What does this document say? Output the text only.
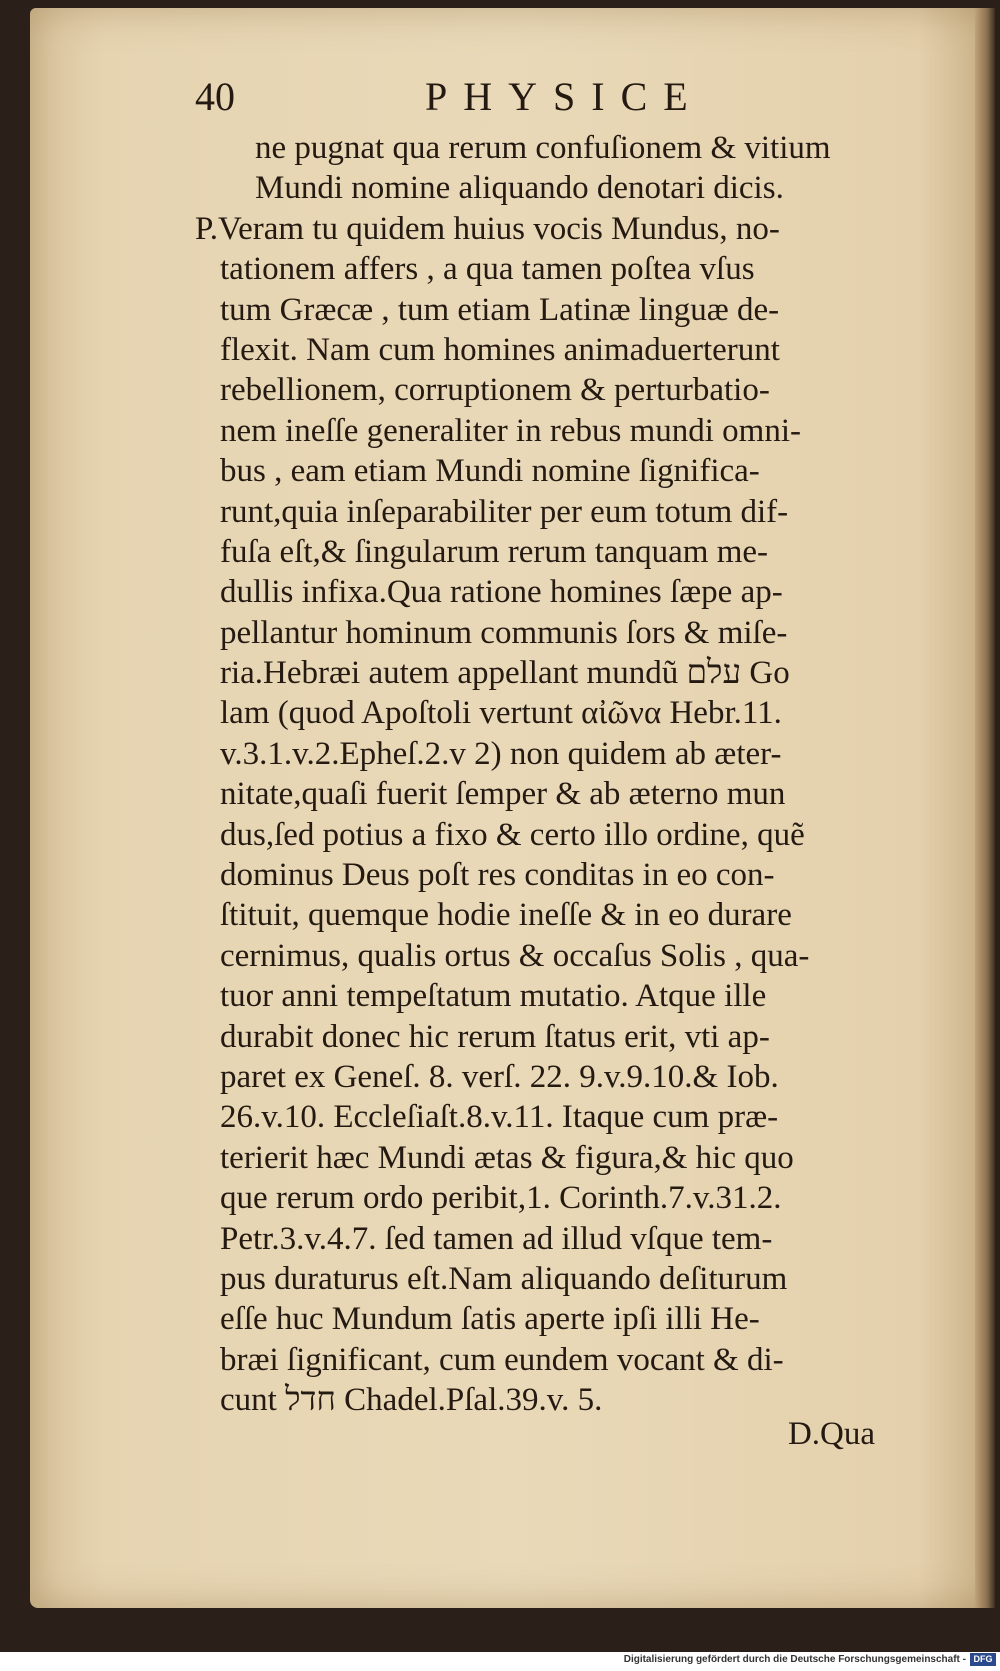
40	PHYSICE
ne pugnat qua rerum confuſionem & vitium
Mundi nomine aliquando denotari dicis.
P.Veram tu quidem huius vocis Mundus, no-
tationem affers , a qua tamen poſtea vſus
tum Græcæ , tum etiam Latinæ linguæ de-
flexit. Nam cum homines animaduerterunt
rebellionem, corruptionem & perturbatio-
nem ineſſe generaliter in rebus mundi omni-
bus , eam etiam Mundi nomine ſignifica-
runt,quia inſeparabiliter per eum totum dif-
fuſa eſt,& ſingularum rerum tanquam me-
dullis infixa.Qua ratione homines ſæpe ap-
pellantur hominum communis ſors & miſe-
ria.Hebræi autem appellant mundũ עלם Go
lam (quod Apoſtoli vertunt αἰῶνα Hebr.11.
v.3.1.v.2.Epheſ.2.v 2) non quidem ab æter-
nitate,quaſi fuerit ſemper & ab æterno mun
dus,ſed potius a fixo & certo illo ordine, quẽ
dominus Deus poſt res conditas in eo con-
ſtituit, quemque hodie ineſſe & in eo durare
cernimus, qualis ortus & occaſus Solis , qua-
tuor anni tempeſtatum mutatio. Atque ille
durabit donec hic rerum ſtatus erit, vti ap-
paret ex Geneſ. 8. verſ. 22. 9.v.9.10.& Iob.
26.v.10. Eccleſiaſt.8.v.11. Itaque cum præ-
terierit hæc Mundi ætas & figura,& hic quo
que rerum ordo peribit,1. Corinth.7.v.31.2.
Petr.3.v.4.7. ſed tamen ad illud vſque tem-
pus duraturus eſt.Nam aliquando deſiturum
eſſe huc Mundum ſatis aperte ipſi illi He-
bræi ſignificant, cum eundem vocant & di-
cunt חדל Chadel.Pſal.39.v. 5.
D.Qua
Digitalisierung gefördert durch die Deutsche Forschungsgemeinschaft - DFG
